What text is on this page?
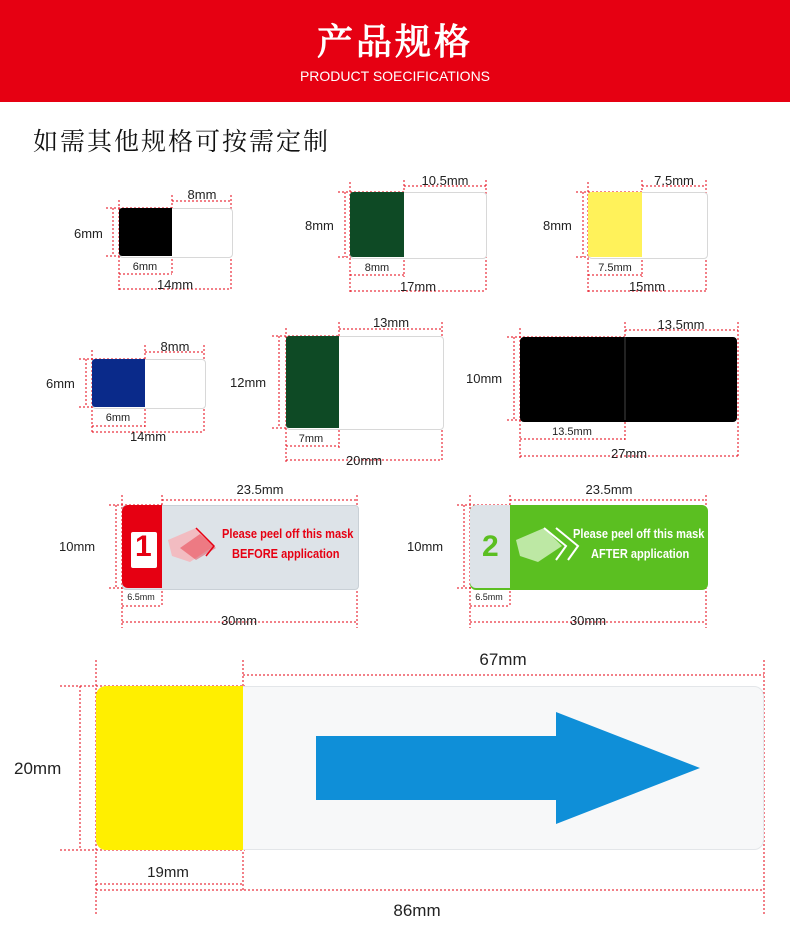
产品规格
PRODUCT SOECIFICATIONS
如需其他规格可按需定制
6mm
6mm
8mm
14mm
8mm
8mm
10.5mm
17mm
8mm
7.5mm
7.5mm
15mm
6mm
6mm
8mm
14mm
12mm
7mm
13mm
20mm
10mm
13.5mm
13.5mm
27mm
1	Please peel off this mask
BEFORE application
10mm
6.5mm
23.5mm
30mm
2	Please peel off this mask
AFTER application
10mm
6.5mm
23.5mm
30mm
20mm
19mm
67mm
86mm
